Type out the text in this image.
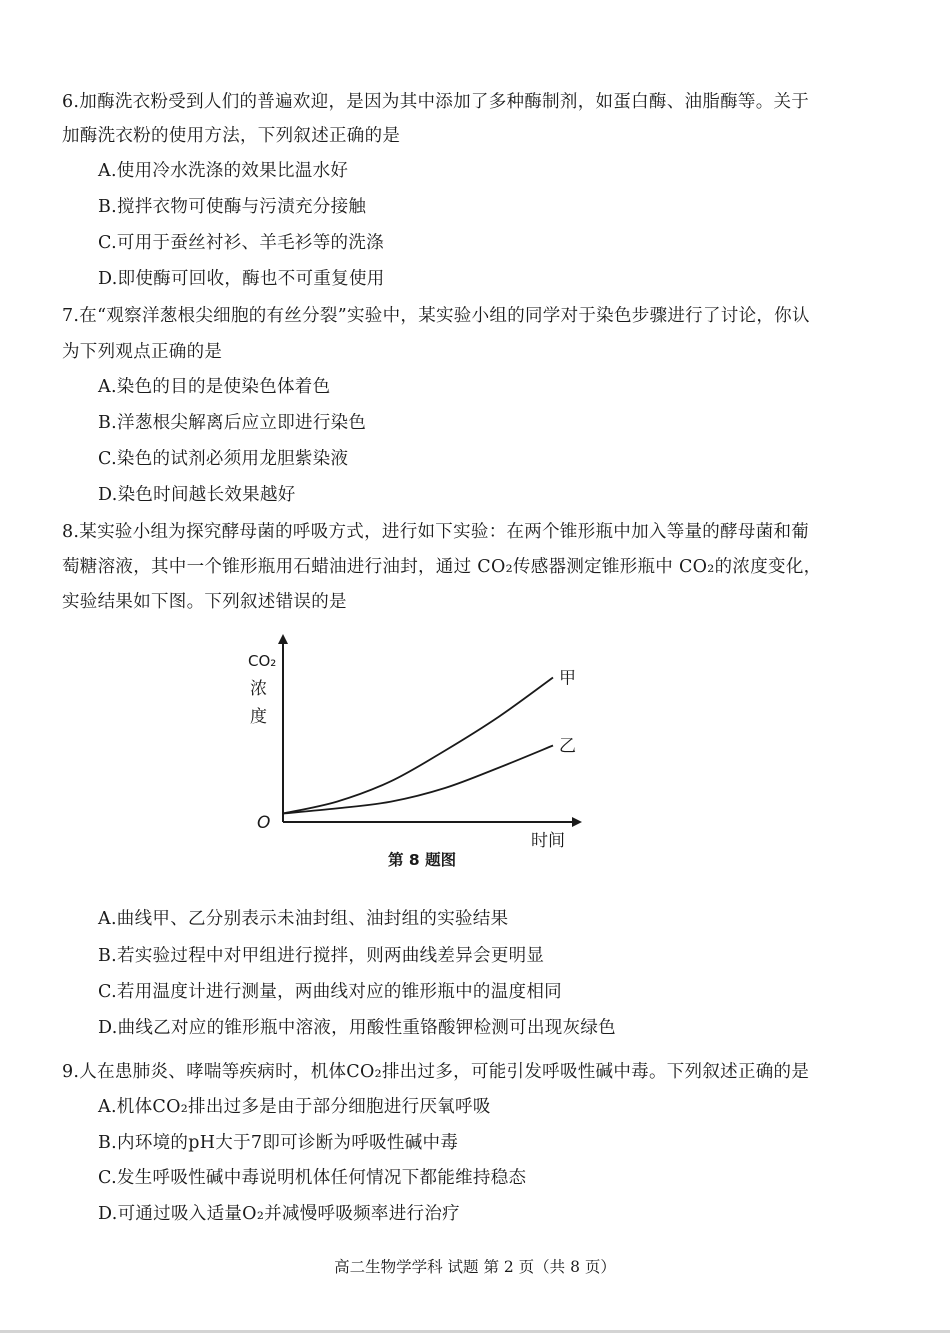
6.加酶洗衣粉受到人们的普遍欢迎，是因为其中添加了多种酶制剂，如蛋白酶、油脂酶等。关于
加酶洗衣粉的使用方法，下列叙述正确的是
A.使用冷水洗涤的效果比温水好
B.搅拌衣物可使酶与污渍充分接触
C.可用于蚕丝衬衫、羊毛衫等的洗涤
D.即使酶可回收，酶也不可重复使用
7.在“观察洋葱根尖细胞的有丝分裂”实验中，某实验小组的同学对于染色步骤进行了讨论，你认
为下列观点正确的是
A.染色的目的是使染色体着色
B.洋葱根尖解离后应立即进行染色
C.染色的试剂必须用龙胆紫染液
D.染色时间越长效果越好
8.某实验小组为探究酵母菌的呼吸方式，进行如下实验：在两个锥形瓶中加入等量的酵母菌和葡
萄糖溶液，其中一个锥形瓶用石蜡油进行油封，通过 CO₂传感器测定锥形瓶中 CO₂的浓度变化，
实验结果如下图。下列叙述错误的是
CO₂
浓
度
O
时间
甲
乙
第 8 题图
A.曲线甲、乙分别表示未油封组、油封组的实验结果
B.若实验过程中对甲组进行搅拌，则两曲线差异会更明显
C.若用温度计进行测量，两曲线对应的锥形瓶中的温度相同
D.曲线乙对应的锥形瓶中溶液，用酸性重铬酸钾检测可出现灰绿色
9.人在患肺炎、哮喘等疾病时，机体CO₂排出过多，可能引发呼吸性碱中毒。下列叙述正确的是
A.机体CO₂排出过多是由于部分细胞进行厌氧呼吸
B.内环境的pH大于7即可诊断为呼吸性碱中毒
C.发生呼吸性碱中毒说明机体任何情况下都能维持稳态
D.可通过吸入适量O₂并减慢呼吸频率进行治疗
高二生物学学科 试题 第 2 页（共 8 页）
